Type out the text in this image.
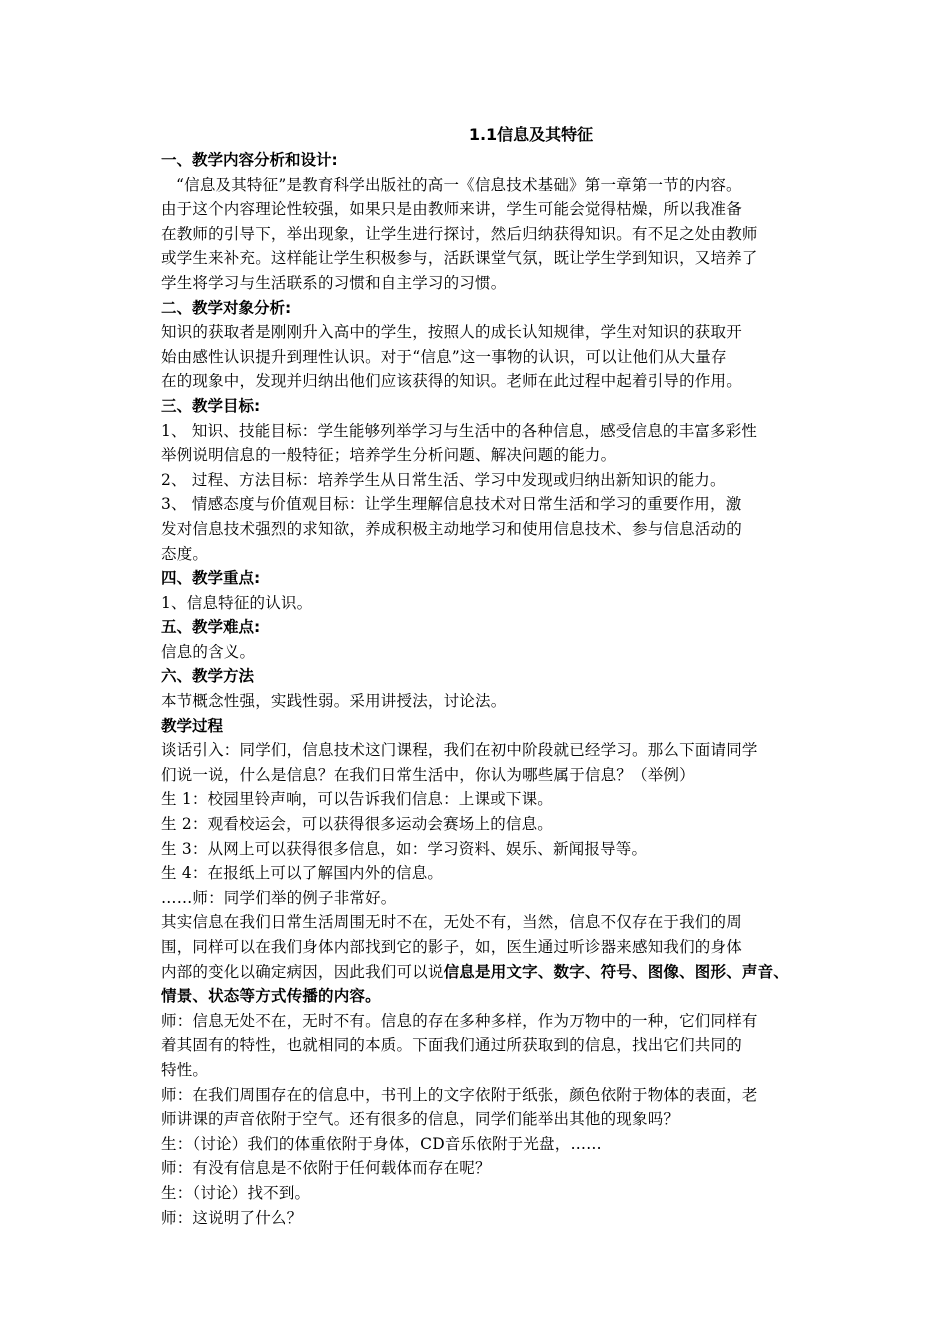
1.1信息及其特征
一、教学内容分析和设计:
“信息及其特征”是教育科学出版社的高一《信息技术基础》第一章第一节的内容。
由于这个内容理论性较强，如果只是由教师来讲，学生可能会觉得枯燥，所以我准备
在教师的引导下，举出现象，让学生进行探讨，然后归纳获得知识。有不足之处由教师
或学生来补充。这样能让学生积极参与，活跃课堂气氛，既让学生学到知识，又培养了
学生将学习与生活联系的习惯和自主学习的习惯。
二、教学对象分析:
知识的获取者是刚刚升入高中的学生，按照人的成长认知规律，学生对知识的获取开
始由感性认识提升到理性认识。对于“信息”这一事物的认识，可以让他们从大量存
在的现象中，发现并归纳出他们应该获得的知识。老师在此过程中起着引导的作用。
三、教学目标:
1、 知识、技能目标：学生能够列举学习与生活中的各种信息，感受信息的丰富多彩性
举例说明信息的一般特征；培养学生分析问题、解决问题的能力。
2、 过程、方法目标：培养学生从日常生活、学习中发现或归纳出新知识的能力。
3、 情感态度与价值观目标：让学生理解信息技术对日常生活和学习的重要作用，激
发对信息技术强烈的求知欲，养成积极主动地学习和使用信息技术、参与信息活动的
态度。
四、教学重点:
1、信息特征的认识。
五、教学难点:
信息的含义。
六、教学方法
本节概念性强，实践性弱。采用讲授法，讨论法。
教学过程
谈话引入：同学们，信息技术这门课程，我们在初中阶段就已经学习。那么下面请同学
们说一说，什么是信息？在我们日常生活中，你认为哪些属于信息？（举例）
生 1：校园里铃声响，可以告诉我们信息：上课或下课。
生 2：观看校运会，可以获得很多运动会赛场上的信息。
生 3：从网上可以获得很多信息，如：学习资料、娱乐、新闻报导等。
生 4：在报纸上可以了解国内外的信息。
……师：同学们举的例子非常好。
其实信息在我们日常生活周围无时不在，无处不有，当然，信息不仅存在于我们的周
围，同样可以在我们身体内部找到它的影子，如，医生通过听诊器来感知我们的身体
内部的变化以确定病因，因此我们可以说信息是用文字、数字、符号、图像、图形、声音、
情景、状态等方式传播的内容。
师：信息无处不在，无时不有。信息的存在多种多样，作为万物中的一种，它们同样有
着其固有的特性，也就相同的本质。下面我们通过所获取到的信息，找出它们共同的
特性。
师：在我们周围存在的信息中，书刊上的文字依附于纸张，颜色依附于物体的表面，老
师讲课的声音依附于空气。还有很多的信息，同学们能举出其他的现象吗？
生：（讨论）我们的体重依附于身体，CD音乐依附于光盘，……
师：有没有信息是不依附于任何载体而存在呢？
生：（讨论）找不到。
师：这说明了什么？
